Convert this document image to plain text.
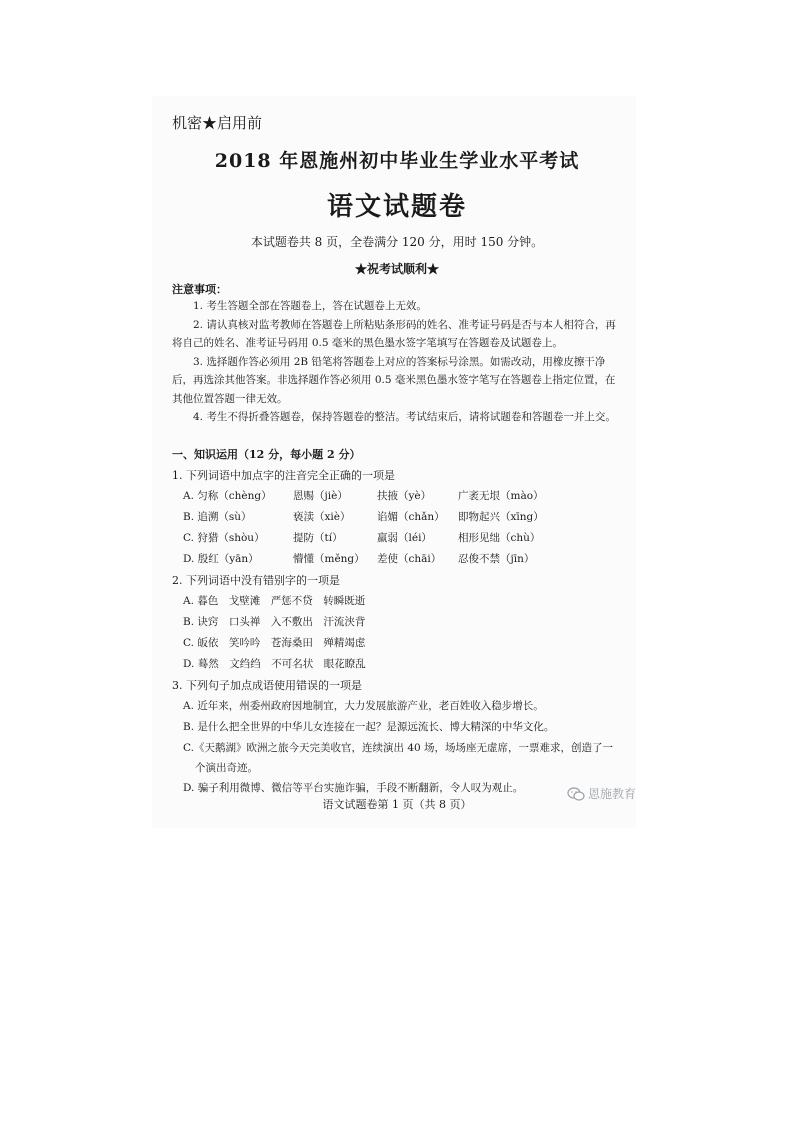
机密★启用前
2018 年恩施州初中毕业生学业水平考试
语文试题卷
本试题卷共 8 页，全卷满分 120 分，用时 150 分钟。
★祝考试顺利★
注意事项：
1. 考生答题全部在答题卷上，答在试题卷上无效。
2. 请认真核对监考教师在答题卷上所粘贴条形码的姓名、准考证号码是否与本人相符合，再将自己的姓名、准考证号码用 0.5 毫米的黑色墨水签字笔填写在答题卷及试题卷上。
3. 选择题作答必须用 2B 铅笔将答题卷上对应的答案标号涂黑。如需改动，用橡皮擦干净后，再选涂其他答案。非选择题作答必须用 0.5 毫米黑色墨水签字笔写在答题卷上指定位置，在其他位置答题一律无效。
4. 考生不得折叠答题卷，保持答题卷的整洁。考试结束后，请将试题卷和答题卷一并上交。
一、知识运用（12 分，每小题 2 分）
1. 下列词语中加点字的注音完全正确的一项是
A. 匀称（chèng） 恩赐（jiè）	扶掖（yè）	广袤无垠（mào）
B. 追溯（sù）	亵渎（xiè）	谄媚（chǎn） 即物起兴（xīng）
C. 狩猎（shòu）	提防（tí）	羸弱（léi） 相形见绌（chù）
D. 殷红（yān）	懵懂（měng） 差使（chāi） 忍俊不禁（jīn）
2. 下列词语中没有错别字的一项是
A. 暮色　戈壁滩　严惩不贷　转瞬既逝
B. 诀窍　口头禅　入不敷出　汗流浃背
C. 皈依　笑吟吟　苍海桑田　殚精竭虑
D. 蓦然　文绉绉　不可名状　眼花瞭乱
3. 下列句子加点成语使用错误的一项是
A. 近年来，州委州政府因地制宜，大力发展旅游产业，老百姓收入稳步增长。
B. 是什么把全世界的中华儿女连接在一起？是源远流长、博大精深的中华文化。
C.《天鹅湖》欧洲之旅今天完美收官，连续演出 40 场，场场座无虚席，一票难求，创造了一
个演出奇迹。
D. 骗子利用微博、微信等平台实施诈骗，手段不断翻新，令人叹为观止。
语文试题卷第 1 页（共 8 页）
恩施教育
